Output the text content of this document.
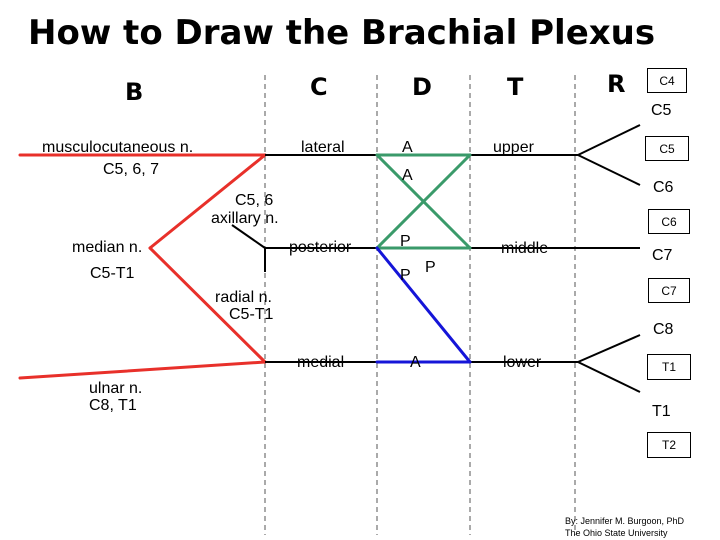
How to Draw the Brachial Plexus
B	C	D	T	R
musculocutaneous n.
C5, 6, 7
C5, 6
axillary n.
median n.
C5-T1
radial n.
C5-T1
ulnar n.
C8, T1
lateral
posterior
medial
A
A
P
P P
A
upper
middle
lower
C4
C5
C5
C6
C6
C7
C7
C8
T1
T1
T2
By: Jennifer M. Burgoon, PhD
The Ohio State University
